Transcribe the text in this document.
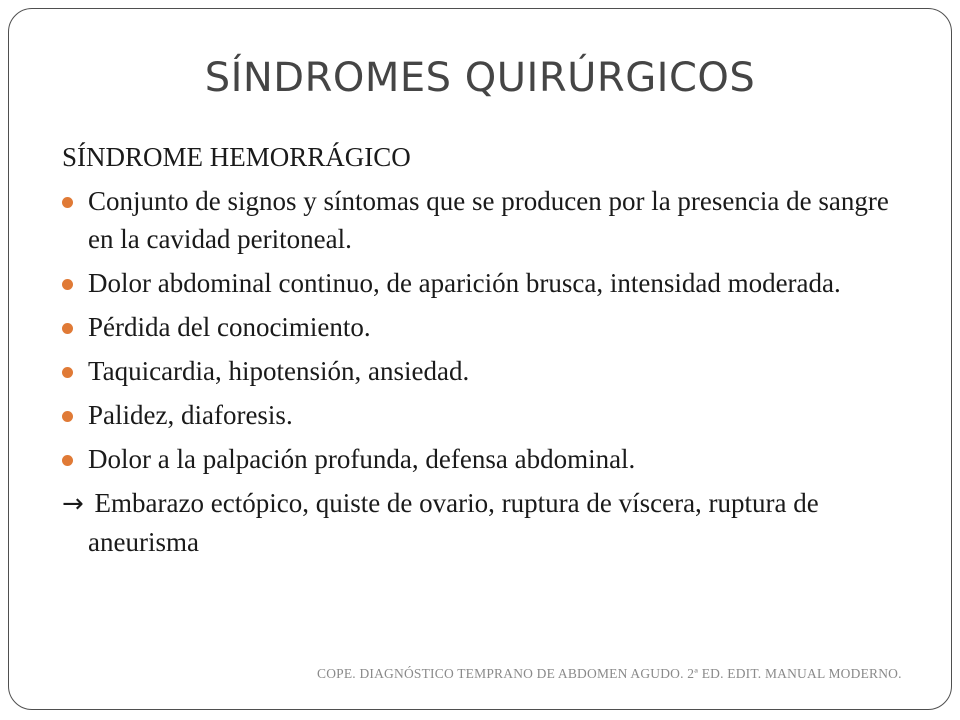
SÍNDROMES QUIRÚRGICOS
SÍNDROME HEMORRÁGICO
Conjunto de signos y síntomas que se producen por la presencia de sangre en la cavidad peritoneal.
Dolor abdominal continuo, de aparición brusca, intensidad moderada.
Pérdida del conocimiento.
Taquicardia, hipotensión, ansiedad.
Palidez, diaforesis.
Dolor a la palpación profunda, defensa abdominal.
→ Embarazo ectópico, quiste de ovario, ruptura de víscera, ruptura de aneurisma
COPE. DIAGNÓSTICO TEMPRANO DE ABDOMEN AGUDO. 2ª ED. EDIT. MANUAL MODERNO.
